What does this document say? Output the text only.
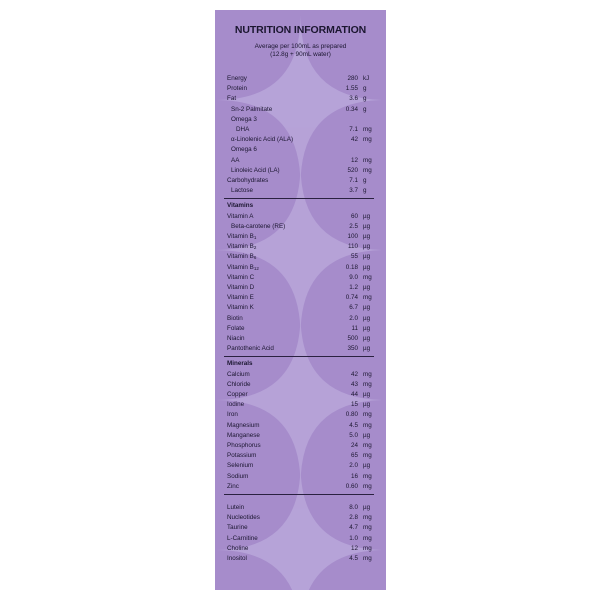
NUTRITION INFORMATION
Average per 100mL as prepared
(12.8g + 90mL water)
Energy	280 kJ
Protein	1.55 g
Fat	3.6 g
Sn-2 Palmitate	0.34 g
Omega 3
DHA	7.1 mg
α-Linolenic Acid (ALA)	42 mg
Omega 6
AA	12 mg
Linoleic Acid (LA)	520 mg
Carbohydrates	7.1 g
Lactose	3.7 g
Vitamins
Vitamin A	60 µg
Beta-carotene (RE)	2.5 µg
Vitamin $B_1$	100 µg
Vitamin $B_2$	110 µg
Vitamin $B_6$	55 µg
Vitamin $B_{12}$	0.18 µg
Vitamin C	9.0 mg
Vitamin D	1.2 µg
Vitamin E	0.74 mg
Vitamin K	6.7 µg
Biotin	2.0 µg
Folate	11 µg
Niacin	500 µg
Pantothenic Acid	350 µg
Minerals
Calcium	42 mg
Chloride	43 mg
Copper	44 µg
Iodine	15 µg
Iron	0.80 mg
Magnesium	4.5 mg
Manganese	5.0 µg
Phosphorus	24 mg
Potassium	65 mg
Selenium	2.0 µg
Sodium	16 mg
Zinc	0.60 mg
Lutein	8.0 µg
Nucleotides	2.8 mg
Taurine	4.7 mg
L-Carnitine	1.0 mg
Choline	12 mg
Inositol	4.5 mg
